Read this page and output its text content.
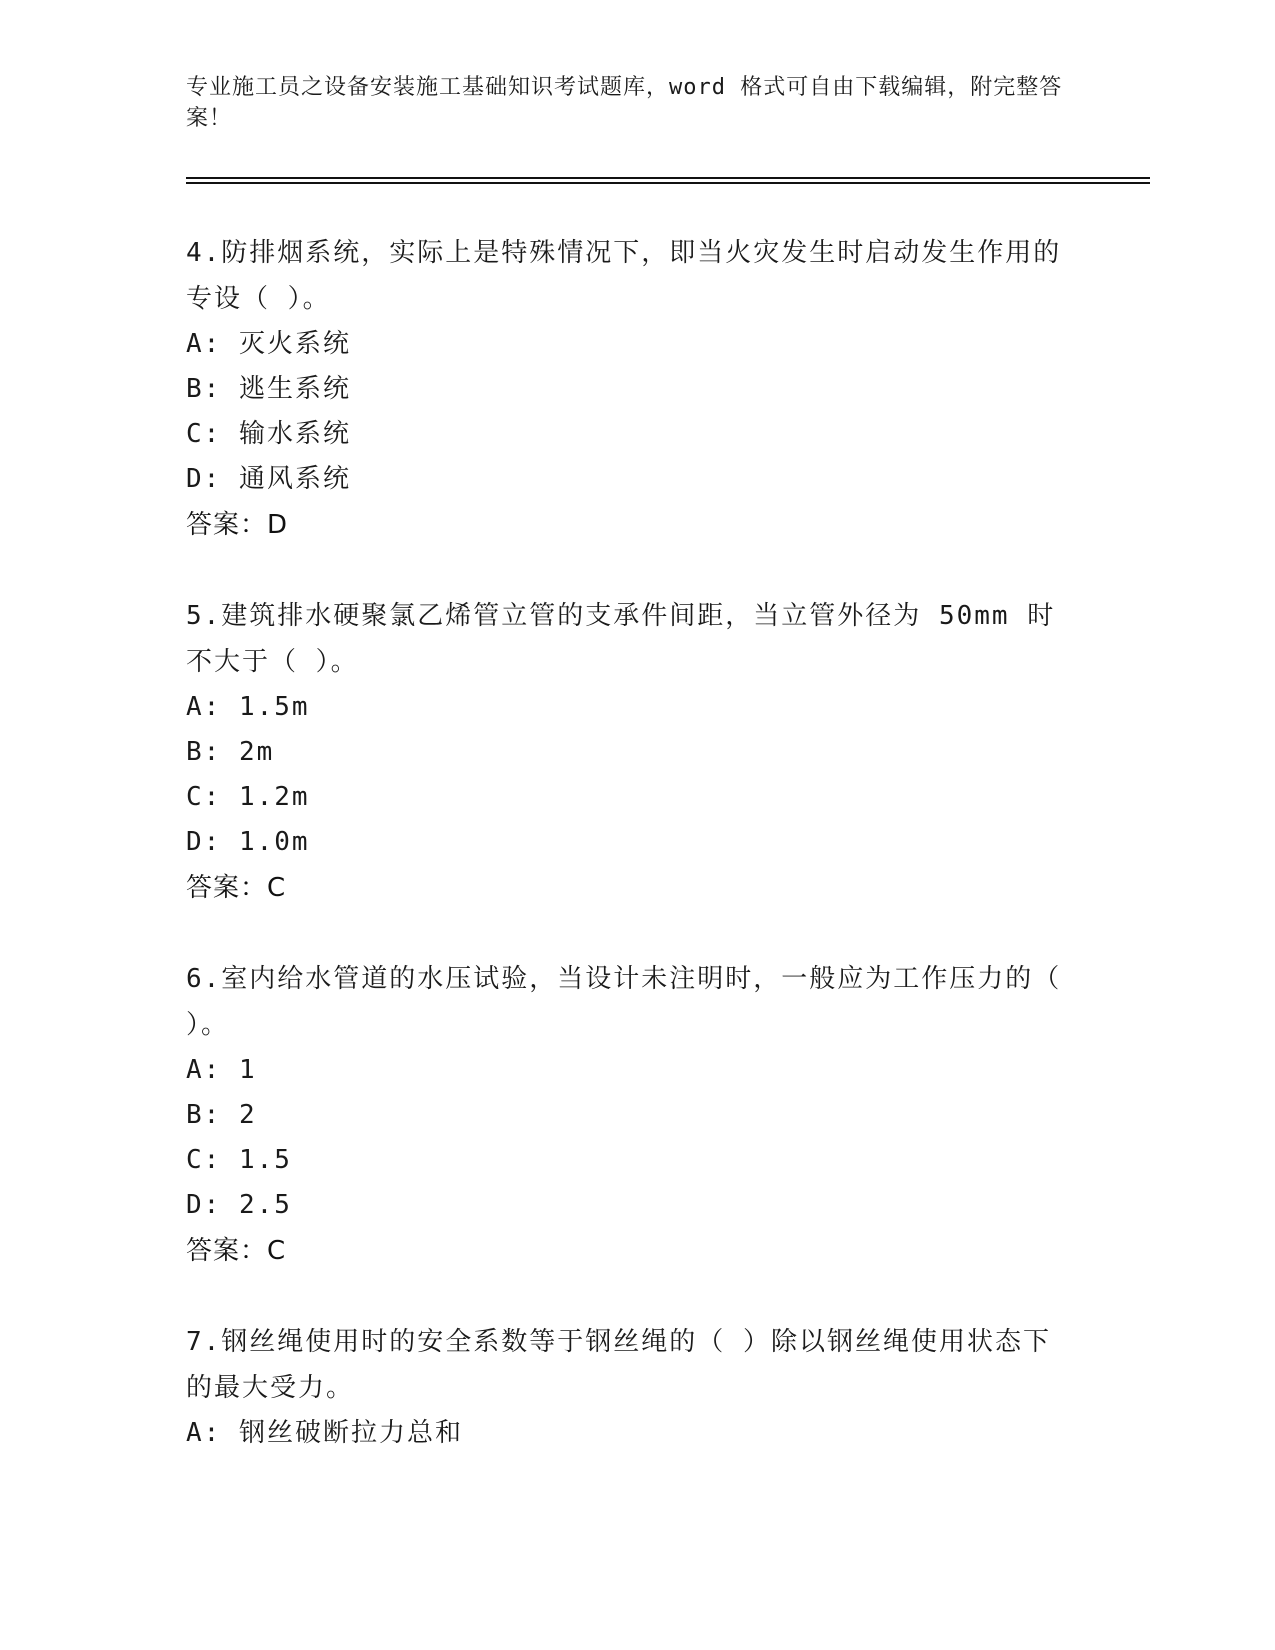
专业施工员之设备安装施工基础知识考试题库，word 格式可自由下载编辑，附完整答案！
4.防排烟系统，实际上是特殊情况下，即当火灾发生时启动发生作用的专设（ ）。
A: 灭火系统
B: 逃生系统
C: 输水系统
D: 通风系统
答案：D
5.建筑排水硬聚氯乙烯管立管的支承件间距，当立管外径为 50mm 时不大于（ ）。
A: 1.5m
B: 2m
C: 1.2m
D: 1.0m
答案：C
6.室内给水管道的水压试验，当设计未注明时，一般应为工作压力的（ ）。
A: 1
B: 2
C: 1.5
D: 2.5
答案：C
7.钢丝绳使用时的安全系数等于钢丝绳的（ ）除以钢丝绳使用状态下的最大受力。
A: 钢丝破断拉力总和
